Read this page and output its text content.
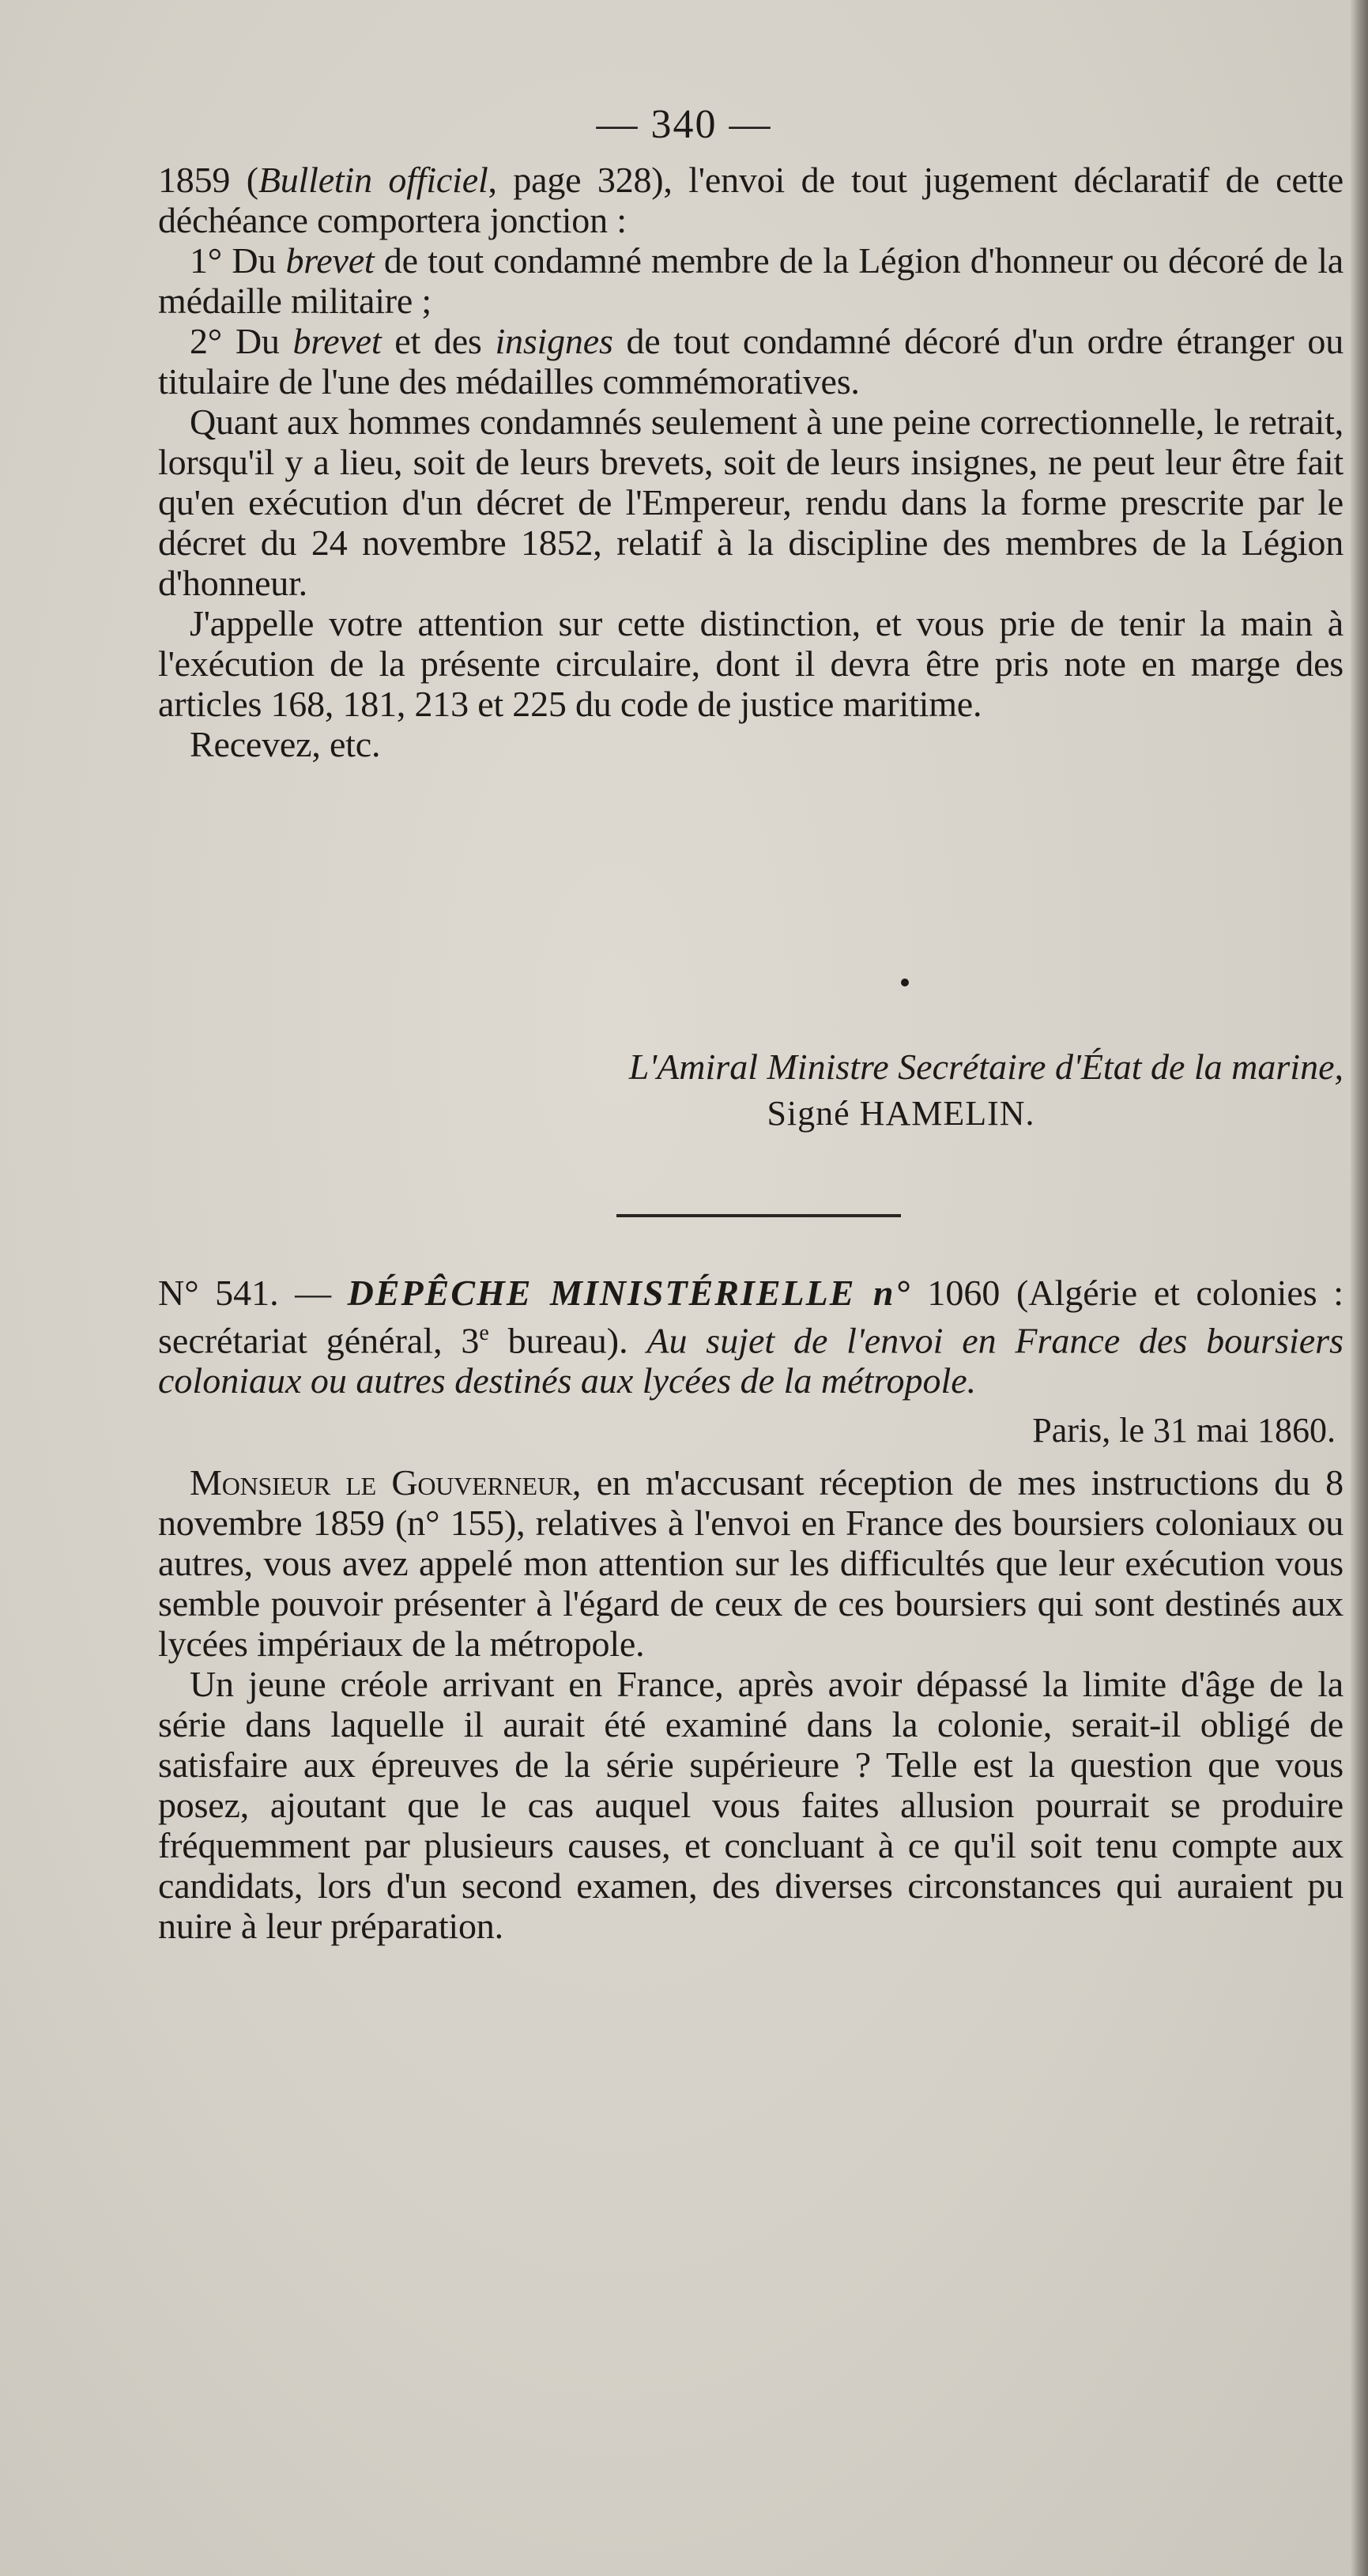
— 340 —

1859 (Bulletin officiel, page 328), l'envoi de tout jugement déclaratif de cette déchéance comportera jonction :

1° Du brevet de tout condamné membre de la Légion d'honneur ou décoré de la médaille militaire ;

2° Du brevet et des insignes de tout condamné décoré d'un ordre étranger ou titulaire de l'une des médailles commémoratives.

Quant aux hommes condamnés seulement à une peine correctionnelle, le retrait, lorsqu'il y a lieu, soit de leurs brevets, soit de leurs insignes, ne peut leur être fait qu'en exécution d'un décret de l'Empereur, rendu dans la forme prescrite par le décret du 24 novembre 1852, relatif à la discipline des membres de la Légion d'honneur.

J'appelle votre attention sur cette distinction, et vous prie de tenir la main à l'exécution de la présente circulaire, dont il devra être pris note en marge des articles 168, 181, 213 et 225 du code de justice maritime.

Recevez, etc.

L'Amiral Ministre Secrétaire d'État de la marine,
Signé HAMELIN.
N° 541. — DÉPÊCHE MINISTÉRIELLE n° 1060 (Algérie et colonies : secrétariat général, 3e bureau). Au sujet de l'envoi en France des boursiers coloniaux ou autres destinés aux lycées de la métropole.
Paris, le 31 mai 1860.

Monsieur le Gouverneur, en m'accusant réception de mes instructions du 8 novembre 1859 (n° 155), relatives à l'envoi en France des boursiers coloniaux ou autres, vous avez appelé mon attention sur les difficultés que leur exécution vous semble pouvoir présenter à l'égard de ceux de ces boursiers qui sont destinés aux lycées impériaux de la métropole.

Un jeune créole arrivant en France, après avoir dépassé la limite d'âge de la série dans laquelle il aurait été examiné dans la colonie, serait-il obligé de satisfaire aux épreuves de la série supérieure ? Telle est la question que vous posez, ajoutant que le cas auquel vous faites allusion pourrait se produire fréquemment par plusieurs causes, et concluant à ce qu'il soit tenu compte aux candidats, lors d'un second examen, des diverses circonstances qui auraient pu nuire à leur préparation.
